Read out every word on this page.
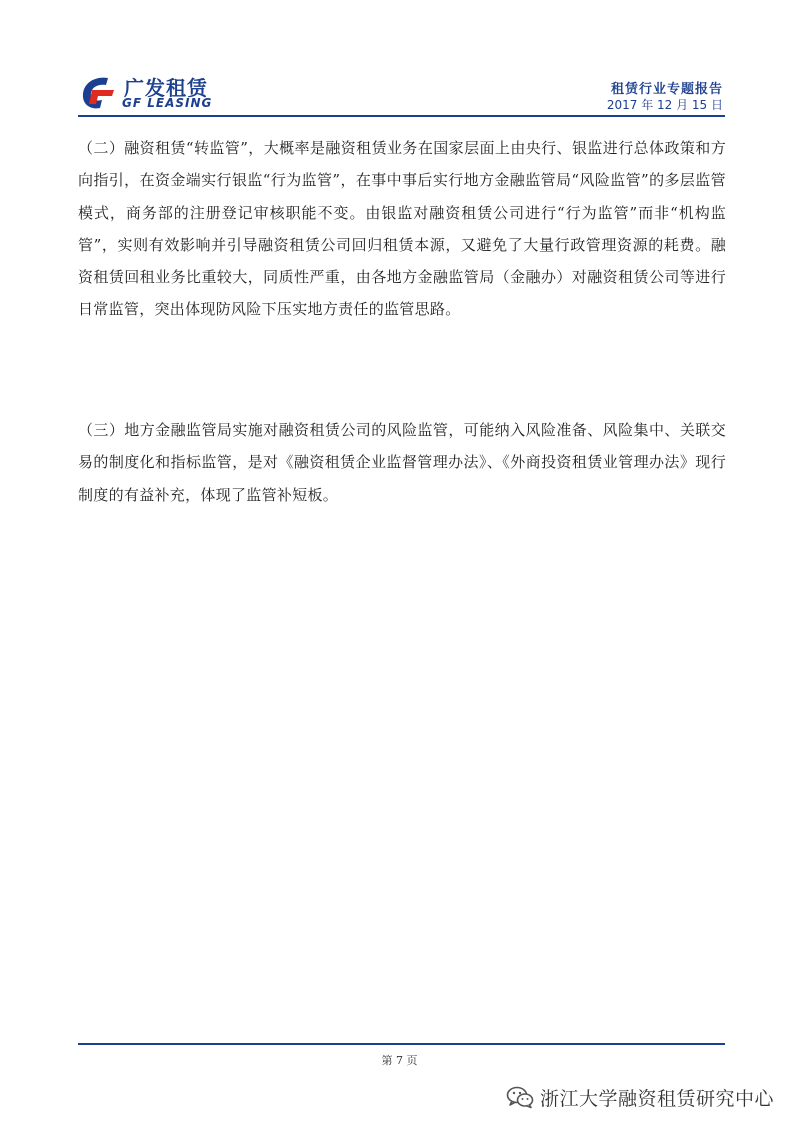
广发租赁
GF LEASING
租赁行业专题报告
2017 年 12 月 15 日
（二）融资租赁“转监管”，大概率是融资租赁业务在国家层面上由央行、银监进行总体政策和方向指引，在资金端实行银监“行为监管”，在事中事后实行地方金融监管局“风险监管”的多层监管模式，商务部的注册登记审核职能不变。由银监对融资租赁公司进行“行为监管”而非“机构监管”，实则有效影响并引导融资租赁公司回归租赁本源，又避免了大量行政管理资源的耗费。融资租赁回租业务比重较大，同质性严重，由各地方金融监管局（金融办）对融资租赁公司等进行日常监管，突出体现防风险下压实地方责任的监管思路。
（三）地方金融监管局实施对融资租赁公司的风险监管，可能纳入风险准备、风险集中、关联交易的制度化和指标监管，是对《融资租赁企业监督管理办法》、《外商投资租赁业管理办法》现行制度的有益补充，体现了监管补短板。
第 7 页
浙江大学融资租赁研究中心
